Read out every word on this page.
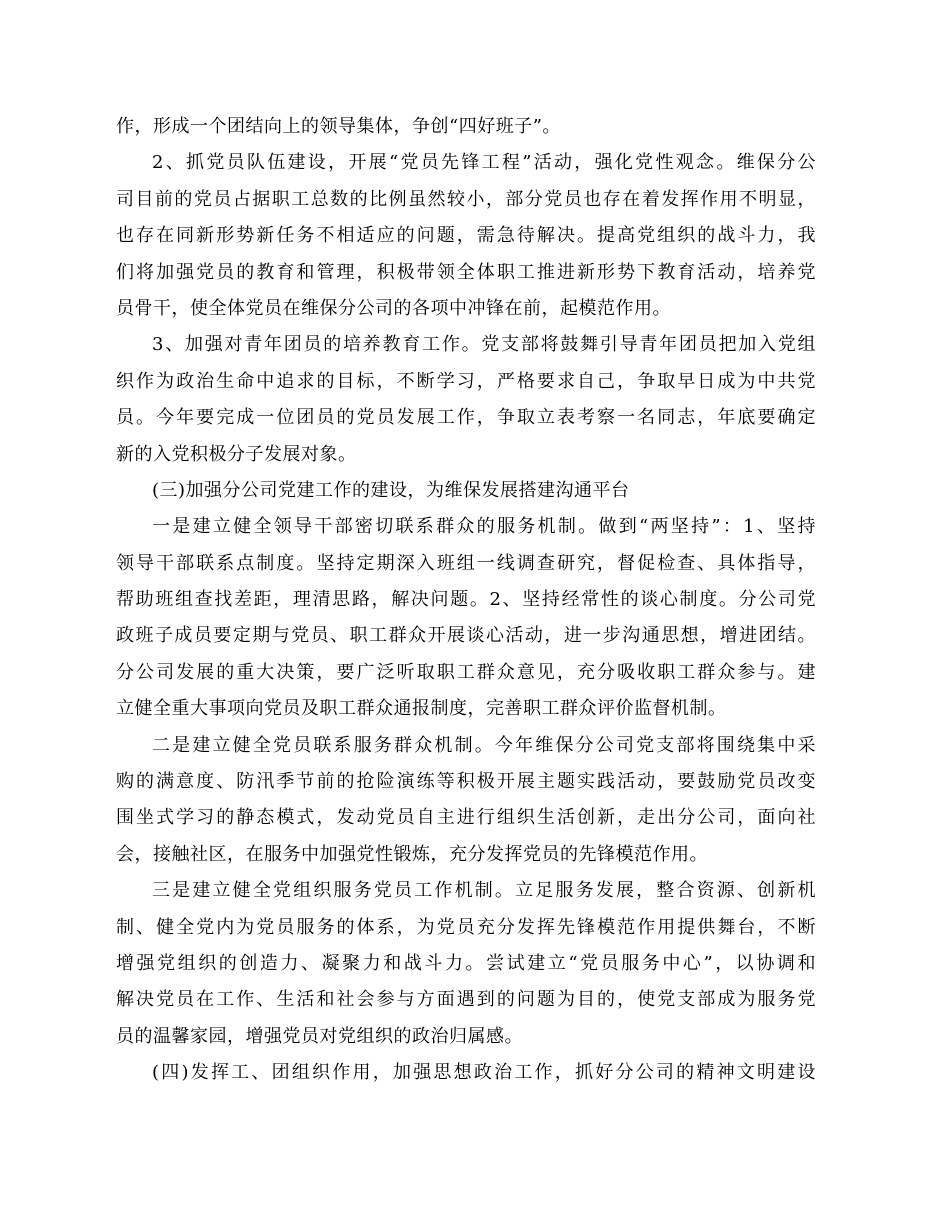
作，形成一个团结向上的领导集体，争创“四好班子”。
2、抓党员队伍建设，开展“党员先锋工程”活动，强化党性观念。维保分公
司目前的党员占据职工总数的比例虽然较小，部分党员也存在着发挥作用不明显，
也存在同新形势新任务不相适应的问题，需急待解决。提高党组织的战斗力，我
们将加强党员的教育和管理，积极带领全体职工推进新形势下教育活动，培养党
员骨干，使全体党员在维保分公司的各项中冲锋在前，起模范作用。
3、加强对青年团员的培养教育工作。党支部将鼓舞引导青年团员把加入党组
织作为政治生命中追求的目标，不断学习，严格要求自己，争取早日成为中共党
员。今年要完成一位团员的党员发展工作，争取立表考察一名同志，年底要确定
新的入党积极分子发展对象。
(三)加强分公司党建工作的建设，为维保发展搭建沟通平台
一是建立健全领导干部密切联系群众的服务机制。做到“两坚持”：1、坚持
领导干部联系点制度。坚持定期深入班组一线调查研究，督促检查、具体指导，
帮助班组查找差距，理清思路，解决问题。2、坚持经常性的谈心制度。分公司党
政班子成员要定期与党员、职工群众开展谈心活动，进一步沟通思想，增进团结。
分公司发展的重大决策，要广泛听取职工群众意见，充分吸收职工群众参与。建
立健全重大事项向党员及职工群众通报制度，完善职工群众评价监督机制。
二是建立健全党员联系服务群众机制。今年维保分公司党支部将围绕集中采
购的满意度、防汛季节前的抢险演练等积极开展主题实践活动，要鼓励党员改变
围坐式学习的静态模式，发动党员自主进行组织生活创新，走出分公司，面向社
会，接触社区，在服务中加强党性锻炼，充分发挥党员的先锋模范作用。
三是建立健全党组织服务党员工作机制。立足服务发展，整合资源、创新机
制、健全党内为党员服务的体系，为党员充分发挥先锋模范作用提供舞台，不断
增强党组织的创造力、凝聚力和战斗力。尝试建立“党员服务中心”，以协调和
解决党员在工作、生活和社会参与方面遇到的问题为目的，使党支部成为服务党
员的温馨家园，增强党员对党组织的政治归属感。
(四)发挥工、团组织作用，加强思想政治工作，抓好分公司的精神文明建设
